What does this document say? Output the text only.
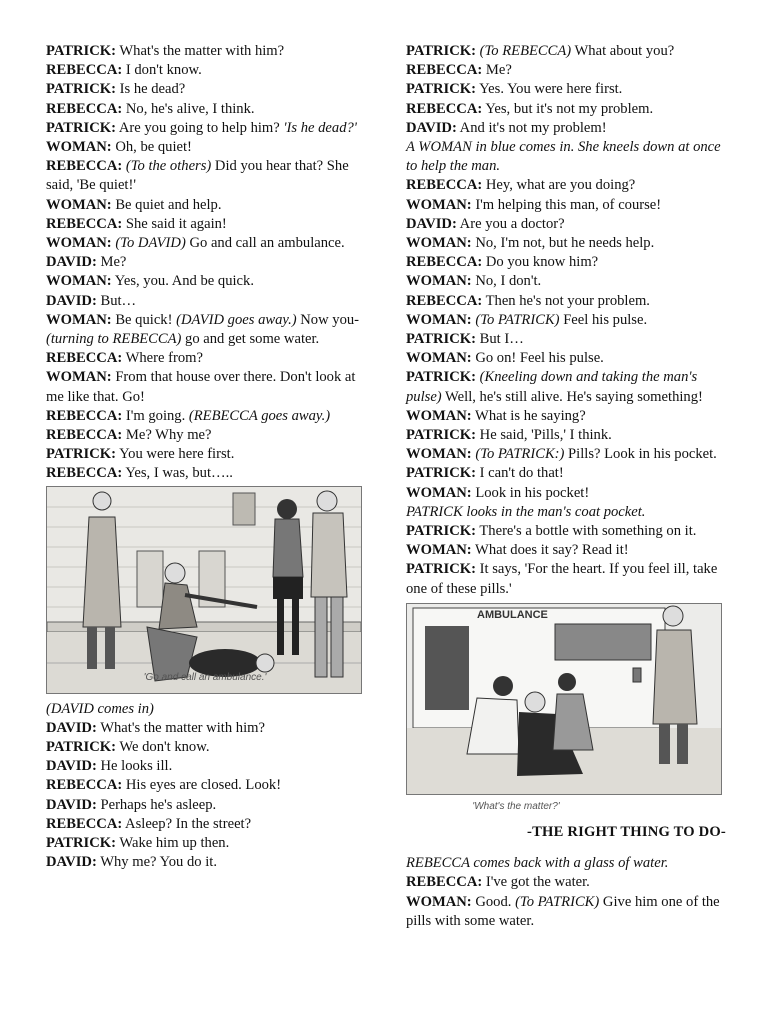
PATRICK: What's the matter with him?

REBECCA: I don't know.

PATRICK: Is he dead?

REBECCA: No, he's alive, I think.

PATRICK: Are you going to help him? 'Is he dead?'

WOMAN: Oh, be quiet!

REBECCA: (To the others) Did you hear that? She said, 'Be quiet!'

WOMAN: Be quiet and help.

REBECCA: She said it again!

WOMAN: (To DAVID) Go and call an ambulance.

DAVID: Me?

WOMAN: Yes, you. And be quick.

DAVID: But…

WOMAN: Be quick! (DAVID goes away.) Now you- (turning to REBECCA) go and get some water.

REBECCA: Where from?

WOMAN: From that house over there. Don't look at me like that. Go!

REBECCA: I'm going. (REBECCA goes away.)

REBECCA: Me? Why me?

PATRICK: You were here first.

REBECCA: Yes, I was, but…..

'Go and call an ambulance.'

(DAVID comes in)

DAVID: What's the matter with him?

PATRICK: We don't know.

DAVID: He looks ill.

REBECCA: His eyes are closed. Look!

DAVID: Perhaps he's asleep.

REBECCA: Asleep? In the street?

PATRICK: Wake him up then.

DAVID: Why me? You do it.

PATRICK: (To REBECCA) What about you?

REBECCA: Me?

PATRICK: Yes. You were here first.

REBECCA: Yes, but it's not my problem.

DAVID: And it's not my problem!

A WOMAN in blue comes in. She kneels down at once to help the man.

REBECCA: Hey, what are you doing?

WOMAN: I'm helping this man, of course!

DAVID: Are you a doctor?

WOMAN: No, I'm not, but he needs help.

REBECCA: Do you know him?

WOMAN: No, I don't.

REBECCA: Then he's not your problem.

WOMAN: (To PATRICK) Feel his pulse.

PATRICK: But I…

WOMAN: Go on! Feel his pulse.

PATRICK: (Kneeling down and taking the man's pulse) Well, he's still alive. He's saying something!

WOMAN: What is he saying?

PATRICK: He said, 'Pills,' I think.

WOMAN: (To PATRICK:) Pills? Look in his pocket.

PATRICK: I can't do that!

WOMAN: Look in his pocket!

PATRICK looks in the man's coat pocket.

PATRICK: There's a bottle with something on it.

WOMAN: What does it say? Read it!

PATRICK: It says, 'For the heart. If you feel ill, take one of these pills.'

AMBULANCE
'What's the matter?'
-THE RIGHT THING TO DO-

REBECCA comes back with a glass of water.

REBECCA: I've got the water.

WOMAN: Good. (To PATRICK) Give him one of the pills with some water.
